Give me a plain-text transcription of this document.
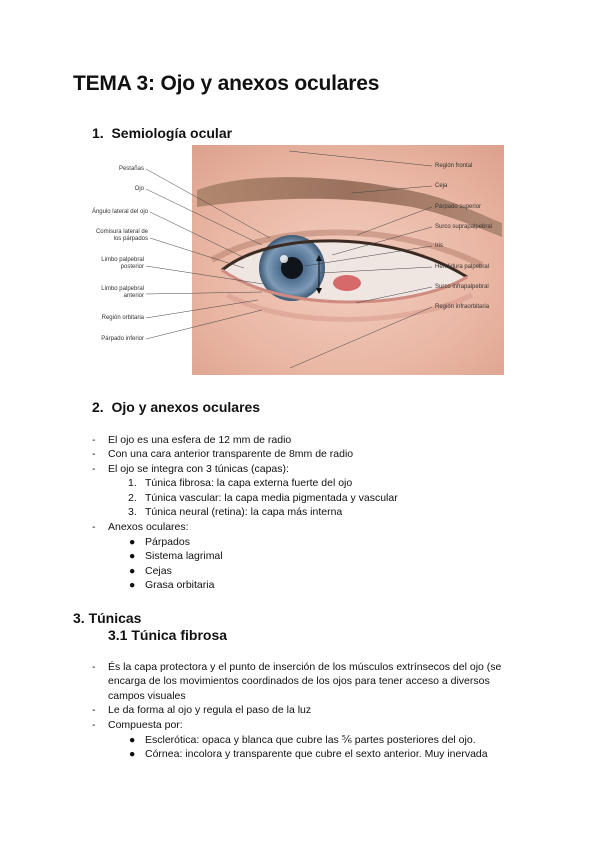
TEMA 3: Ojo y anexos oculares
1. Semiología ocular
Pestañas
Ojo
Ángulo lateral del ojo
Comisura lateral de
los párpados
Limbo palpebral
posterior
Limbo palpebral
anterior
Región orbitaria
Párpado inferior
Región frontal
Ceja
Párpado superior
Surco suprapalpebral
Iris
Hendidura palpebral
Surco infrapalpebral
Región infraorbitaria
2. Ojo y anexos oculares
- El ojo es una esfera de 12 mm de radio
- Con una cara anterior transparente de 8mm de radio
- El ojo se integra con 3 túnicas (capas):
1. Túnica fibrosa: la capa externa fuerte del ojo
2. Túnica vascular: la capa media pigmentada y vascular
3. Túnica neural (retina): la capa más interna
- Anexos oculares:
● Párpados
● Sistema lagrimal
● Cejas
● Grasa orbitaria
3. Túnicas
3.1 Túnica fibrosa
- És la capa protectora y el punto de inserción de los músculos extrínsecos del ojo (se
encarga de los movimientos coordinados de los ojos para tener acceso a diversos
campos visuales
- Le da forma al ojo y regula el paso de la luz
- Compuesta por:
● Esclerótica: opaca y blanca que cubre las ⅚ partes posteriores del ojo.
● Córnea: incolora y transparente que cubre el sexto anterior. Muy inervada
